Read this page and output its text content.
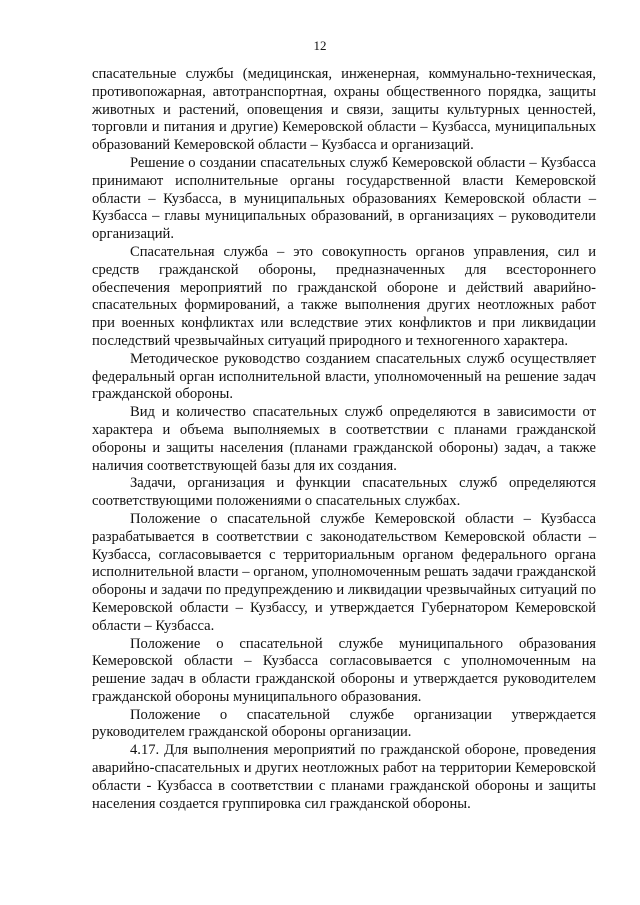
12

спасательные службы (медицинская, инженерная, коммунально-техническая, противопожарная, автотранспортная, охраны общественного порядка, защиты животных и растений, оповещения и связи, защиты культурных ценностей, торговли и питания и другие) Кемеровской области – Кузбасса, муниципальных образований Кемеровской области – Кузбасса и организаций.

Решение о создании спасательных служб Кемеровской области – Кузбасса принимают исполнительные органы государственной власти Кемеровской области – Кузбасса, в муниципальных образованиях Кемеровской области – Кузбасса – главы муниципальных образований, в организациях – руководители организаций.

Спасательная служба – это совокупность органов управления, сил и средств гражданской обороны, предназначенных для всестороннего обеспечения мероприятий по гражданской обороне и действий аварийно-спасательных формирований, а также выполнения других неотложных работ при военных конфликтах или вследствие этих конфликтов и при ликвидации последствий чрезвычайных ситуаций природного и техногенного характера.

Методическое руководство созданием спасательных служб осуществляет федеральный орган исполнительной власти, уполномоченный на решение задач гражданской обороны.

Вид и количество спасательных служб определяются в зависимости от характера и объема выполняемых в соответствии с планами гражданской обороны и защиты населения (планами гражданской обороны) задач, а также наличия соответствующей базы для их создания.

Задачи, организация и функции спасательных служб определяются соответствующими положениями о спасательных службах.

Положение о спасательной службе Кемеровской области – Кузбасса разрабатывается в соответствии с законодательством Кемеровской области – Кузбасса, согласовывается с территориальным органом федерального органа исполнительной власти – органом, уполномоченным решать задачи гражданской обороны и задачи по предупреждению и ликвидации чрезвычайных ситуаций по Кемеровской области – Кузбассу, и утверждается Губернатором Кемеровской области – Кузбасса.

Положение о спасательной службе муниципального образования Кемеровской области – Кузбасса согласовывается с уполномоченным на решение задач в области гражданской обороны и утверждается руководителем гражданской обороны муниципального образования.

Положение о спасательной службе организации утверждается руководителем гражданской обороны организации.

4.17. Для выполнения мероприятий по гражданской обороне, проведения аварийно-спасательных и других неотложных работ на территории Кемеровской области - Кузбасса в соответствии с планами гражданской обороны и защиты населения создается группировка сил гражданской обороны.
